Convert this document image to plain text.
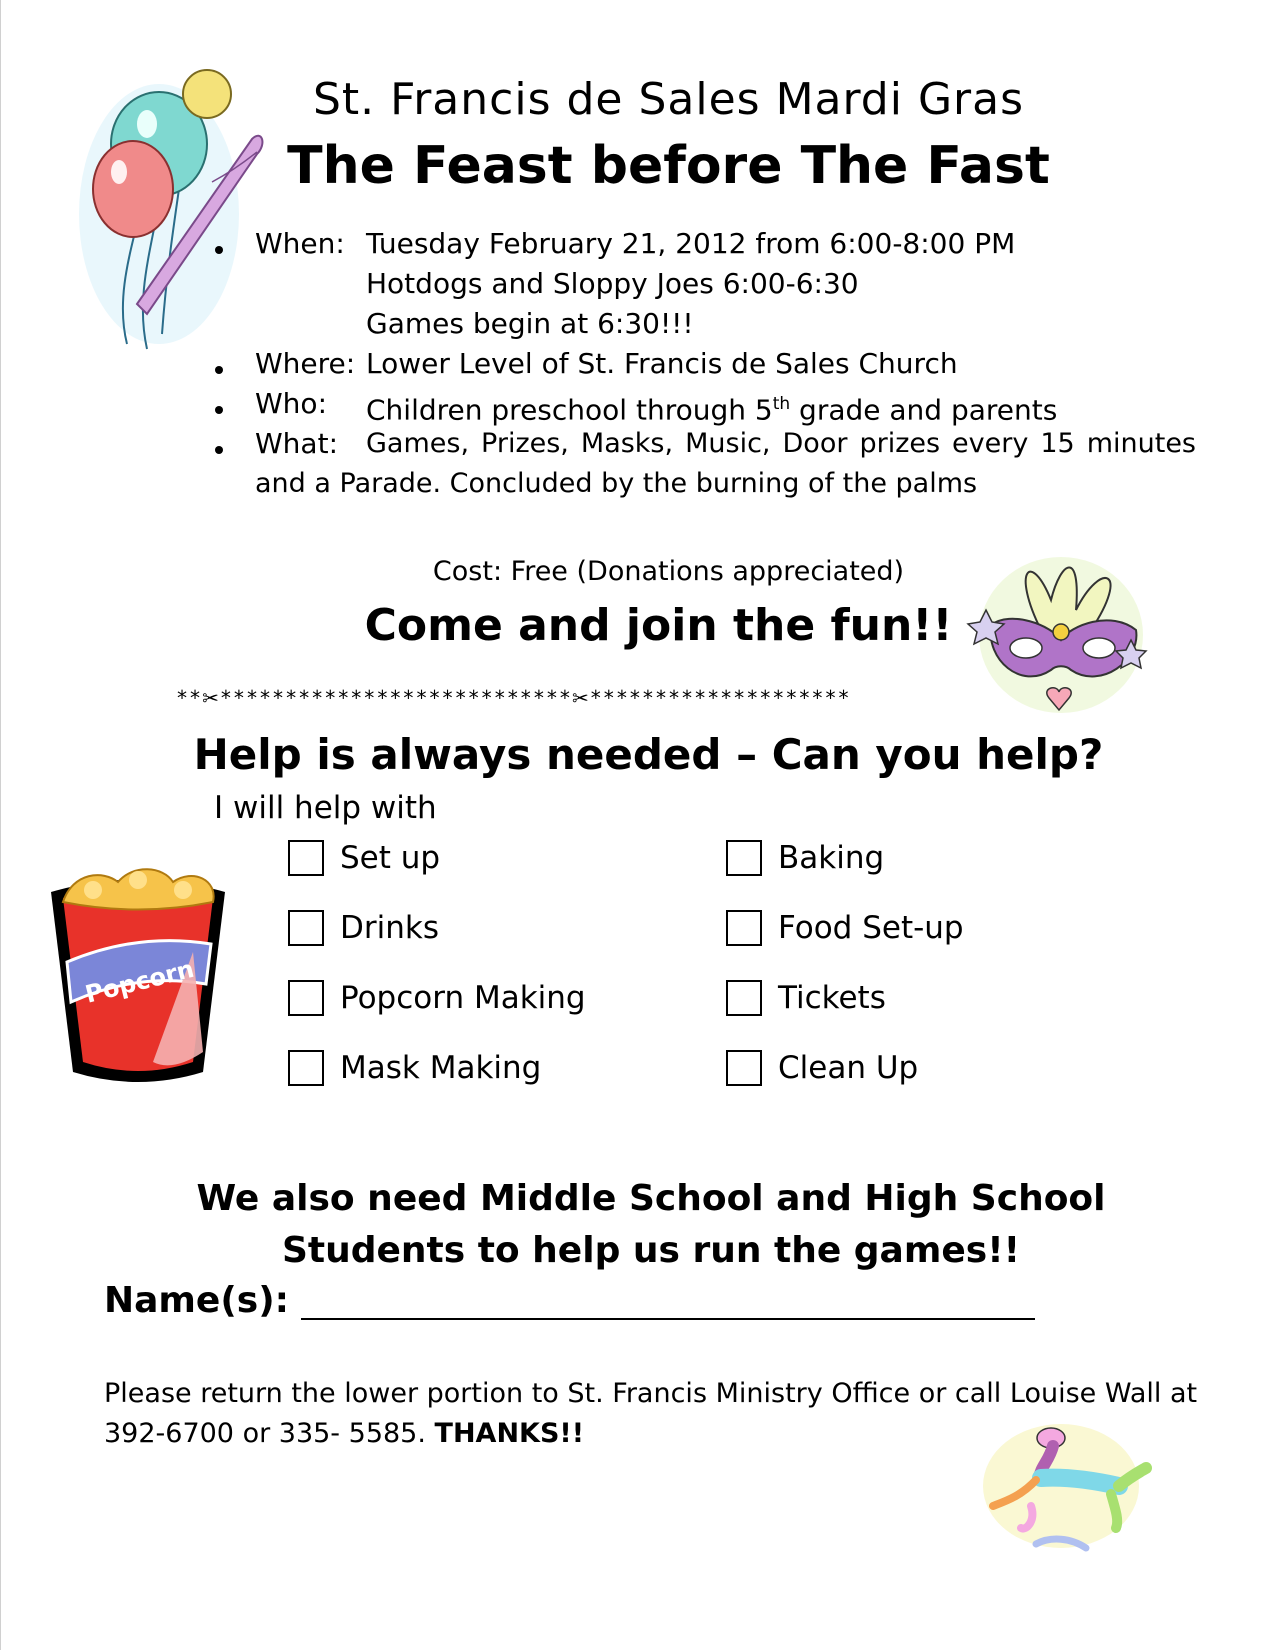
St. Francis de Sales Mardi Gras
The Feast before The Fast
When: Tuesday February 21, 2012 from 6:00-8:00 PM
Hotdogs and Sloppy Joes 6:00-6:30
Games begin at 6:30!!!
Where: Lower Level of St. Francis de Sales Church
Who: Children preschool through 5th grade and parents
What: Games, Prizes, Masks, Music, Door prizes every 15 minutes
and a Parade. Concluded by the burning of the palms
Cost: Free (Donations appreciated)
Come and join the fun!!
**✂***************************✂********************
Help is always needed – Can you help?
I will help with
Popcorn
Set up
Drinks
Popcorn Making
Mask Making
Baking
Food Set-up
Tickets
Clean Up
We also need Middle School and High School Students to help us run the games!!
Name(s):
Please return the lower portion to St. Francis Ministry Office or call Louise Wall at 392-6700 or 335- 5585. THANKS!!
